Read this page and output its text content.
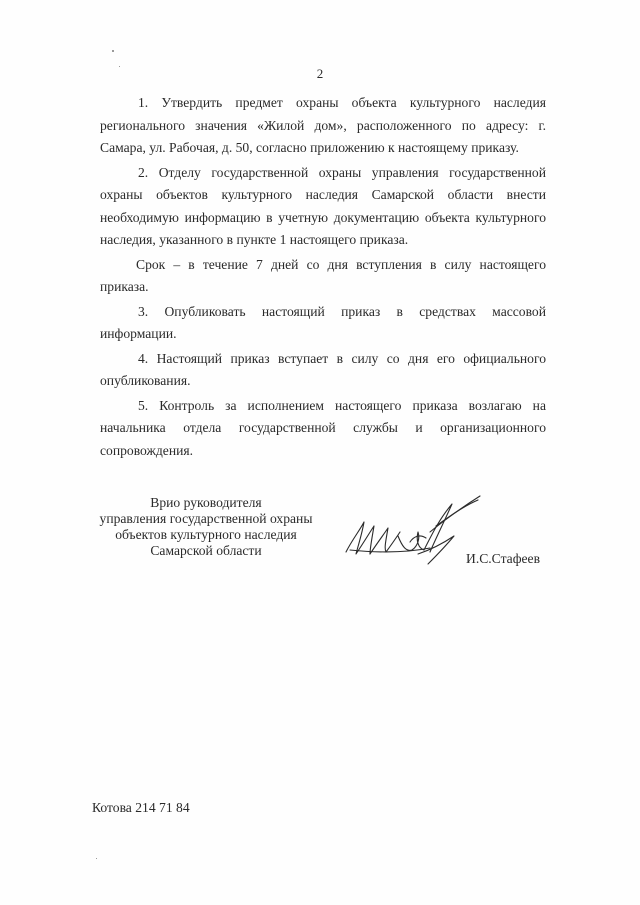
2

1. Утвердить предмет охраны объекта культурного наследия регионального значения «Жилой дом», расположенного по адресу: г. Самара, ул. Рабочая, д. 50, согласно приложению к настоящему приказу.

2. Отделу государственной охраны управления государственной охраны объектов культурного наследия Самарской области внести необходимую информацию в учетную документацию объекта культурного наследия, указанного в пункте 1 настоящего приказа.

Срок – в течение 7 дней со дня вступления в силу настоящего приказа.

3. Опубликовать настоящий приказ в средствах массовой информации.

4. Настоящий приказ вступает в силу со дня его официального опубликования.

5. Контроль за исполнением настоящего приказа возлагаю на начальника отдела государственной службы и организационного сопровождения.

Врио руководителя
управления государственной охраны
объектов культурного наследия
Самарской области
И.С.Стафеев
Котова 214 71 84
